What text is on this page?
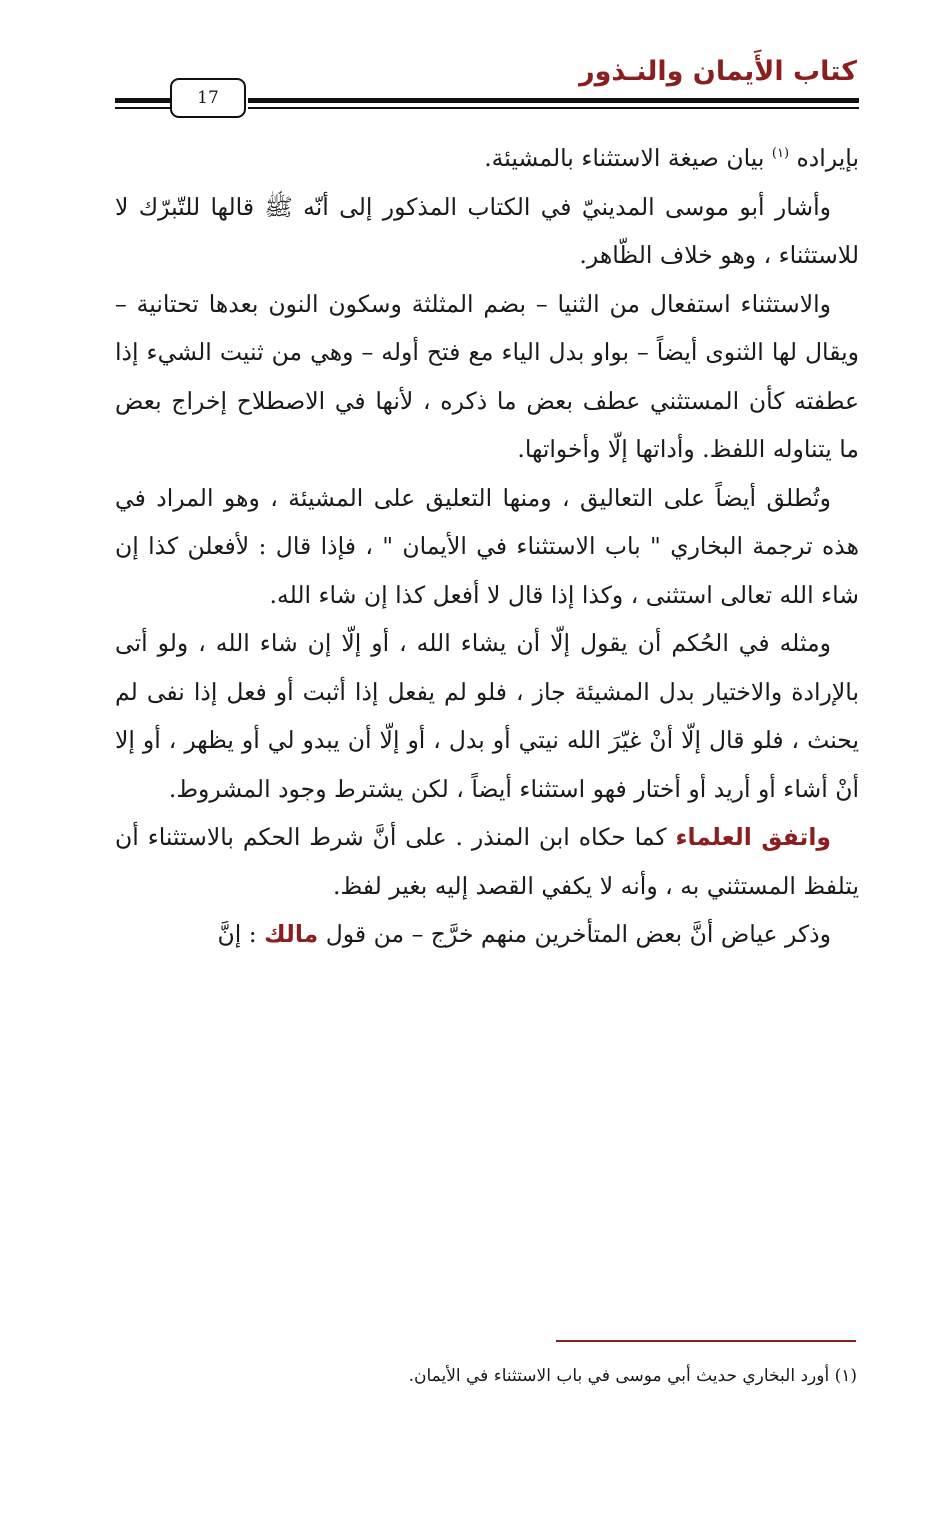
كتاب الأَيمان والنـذور
17

بإيراده $^{(١)}$ بيان صيغة الاستثناء بالمشيئة.

وأشار أبو موسى المدينيّ في الكتاب المذكور إلى أنّه ﷺ قالها للتّبرّك لا للاستثناء ، وهو خلاف الظّاهر.

والاستثناء استفعال من الثنيا – بضم المثلثة وسكون النون بعدها تحتانية – ويقال لها الثنوى أيضاً – بواو بدل الياء مع فتح أوله – وهي من ثنيت الشيء إذا عطفته كأن المستثني عطف بعض ما ذكره ، لأنها في الاصطلاح إخراج بعض ما يتناوله اللفظ. وأداتها إلّا وأخواتها.

وتُطلق أيضاً على التعاليق ، ومنها التعليق على المشيئة ، وهو المراد في هذه ترجمة البخاري " باب الاستثناء في الأيمان " ، فإذا قال : لأفعلن كذا إن شاء الله تعالى استثنى ، وكذا إذا قال لا أفعل كذا إن شاء الله.

ومثله في الحُكم أن يقول إلّا أن يشاء الله ، أو إلّا إن شاء الله ، ولو أتى بالإرادة والاختيار بدل المشيئة جاز ، فلو لم يفعل إذا أثبت أو فعل إذا نفى لم يحنث ، فلو قال إلّا أنْ غيّرَ الله نيتي أو بدل ، أو إلّا أن يبدو لي أو يظهر ، أو إلا أنْ أشاء أو أريد أو أختار فهو استثناء أيضاً ، لكن يشترط وجود المشروط.

واتفق العلماء كما حكاه ابن المنذر . على أنَّ شرط الحكم بالاستثناء أن يتلفظ المستثني به ، وأنه لا يكفي القصد إليه بغير لفظ.

وذكر عياض أنَّ بعض المتأخرين منهم خرَّج – من قول مالك : إنَّ

(١) أورد البخاري حديث أبي موسى في باب الاستثناء في الأيمان.
